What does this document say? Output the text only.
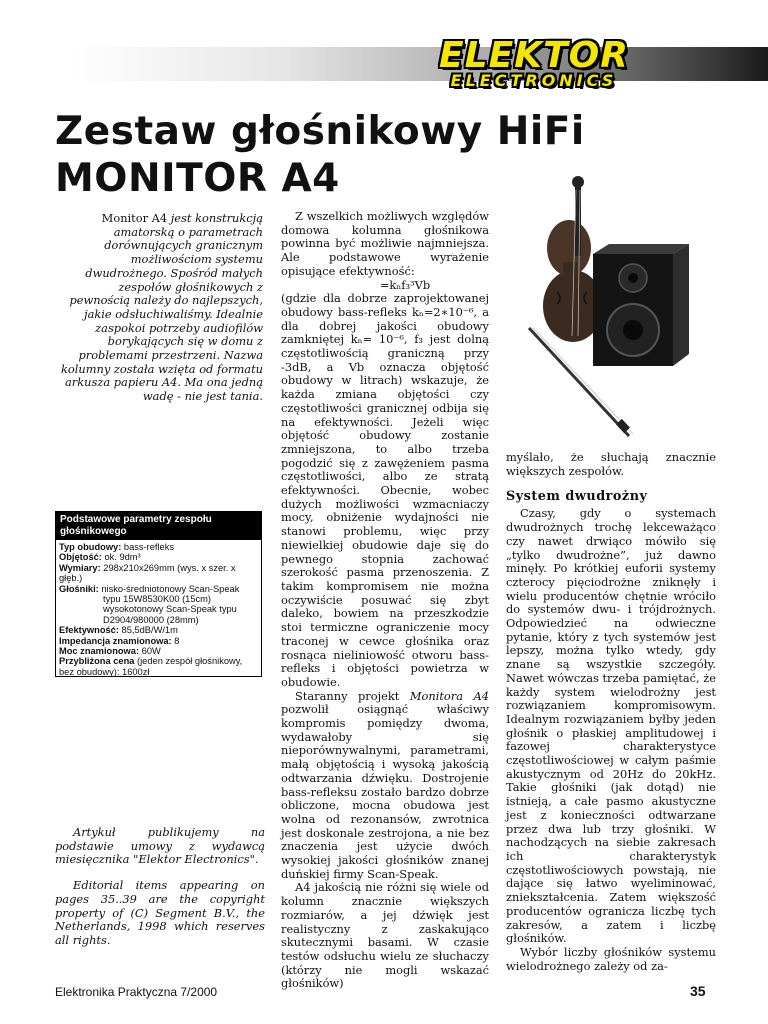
ELEKTOR
ELECTRONICS
Zestaw głośnikowy HiFi
MONITOR A4
Monitor A4 jest konstrukcją amatorską o parametrach dorównujących granicznym możliwościom systemu dwudrożnego. Spośród małych zespołów głośnikowych z pewnością należy do najlepszych, jakie odsłuchiwaliśmy. Idealnie zaspokoi potrzeby audiofilów borykających się w domu z problemami przestrzeni. Nazwa kolumny została wzięta od formatu arkusza papieru A4. Ma ona jedną wadę - nie jest tania.
Podstawowe parametry zespołu głośnikowego
Typ obudowy: bass-refleks
Objętość: ok. 9dm³
Wymiary: 298x210x269mm (wys. x szer. x głęb.)
Głośniki: nisko-średniotonowy Scan-Speak
typu 15W8530K00 (15cm)
wysokotonowy Scan-Speak typu
D2904/980000 (28mm)
Efektywność: 85,5dB/W/1m
Impedancja znamionowa: 8
Moc znamionowa: 60W
Przybliżona cena (jeden zespół głośnikowy, bez obudowy): 1600zł

Artykuł publikujemy na podstawie umowy z wydawcą miesięcznika "Elektor Electronics".

Editorial items appearing on pages 35..39 are the copyright property of (C) Segment B.V., the Netherlands, 1998 which reserves all rights.

Z wszelkich możliwych względów domowa kolumna głośnikowa powinna być możliwie najmniejsza. Ale podstawowe wyrażenie opisujące efektywność:

=kₙf₃³Vb

(gdzie dla dobrze zaprojektowanej obudowy bass-refleks kₙ=2∗10⁻⁶, a dla dobrej jakości obudowy zamkniętej kₙ= 10⁻⁶, f₃ jest dolną częstotliwością graniczną przy -3dB, a Vb oznacza objętość obudowy w litrach) wskazuje, że każda zmiana objętości czy częstotliwości granicznej odbija się na efektywności. Jeżeli więc objętość obudowy zostanie zmniejszona, to albo trzeba pogodzić się z zawężeniem pasma częstotliwości, albo ze stratą efektywności. Obecnie, wobec dużych możliwości wzmacniaczy mocy, obniżenie wydajności nie stanowi problemu, więc przy niewielkiej obudowie daje się do pewnego stopnia zachować szerokość pasma przenoszenia. Z takim kompromisem nie można oczywiście posuwać się zbyt daleko, bowiem na przeszkodzie stoi termiczne ograniczenie mocy traconej w cewce głośnika oraz rosnąca nieliniowość otworu bass-refleks i objętości powietrza w obudowie.

Staranny projekt Monitora A4 pozwolił osiągnąć właściwy kompromis pomiędzy dwoma, wydawałoby się nieporównywalnymi, parametrami, małą objętością i wysoką jakością odtwarzania dźwięku. Dostrojenie bass-refleksu zostało bardzo dobrze obliczone, mocna obudowa jest wolna od rezonansów, zwrotnica jest doskonale zestrojona, a nie bez znaczenia jest użycie dwóch wysokiej jakości głośników znanej duńskiej firmy Scan-Speak.

A4 jakością nie różni się wiele od kolumn znacznie większych rozmiarów, a jej dźwięk jest realistyczny z zaskakująco skutecznymi basami. W czasie testów odsłuchu wielu ze słuchaczy (którzy nie mogli wskazać głośników)

myślało, że słuchają znacznie większych zespołów.

System dwudrożny

Czasy, gdy o systemach dwudrożnych trochę lekceważąco czy nawet drwiąco mówiło się „tylko dwudrożne”, już dawno minęły. Po krótkiej euforii systemy czterocy pięciodrożne zniknęły i wielu producentów chętnie wróciło do systemów dwu- i trójdrożnych. Odpowiedzieć na odwieczne pytanie, który z tych systemów jest lepszy, można tylko wtedy, gdy znane są wszystkie szczegóły. Nawet wówczas trzeba pamiętać, że każdy system wielodrożny jest rozwiązaniem kompromisowym. Idealnym rozwiązaniem byłby jeden głośnik o płaskiej amplitudowej i fazowej charakterystyce częstotliwościowej w całym paśmie akustycznym od 20Hz do 20kHz. Takie głośniki (jak dotąd) nie istnieją, a całe pasmo akustyczne jest z konieczności odtwarzane przez dwa lub trzy głośniki. W nachodzących na siebie zakresach ich charakterystyk częstotliwościowych powstają, nie dające się łatwo wyeliminować, zniekształcenia. Zatem większość producentów ogranicza liczbę tych zakresów, a zatem i liczbę głośników.

Wybór liczby głośników systemu wielodrożnego zależy od za-

Elektronika Praktyczna 7/2000	35
